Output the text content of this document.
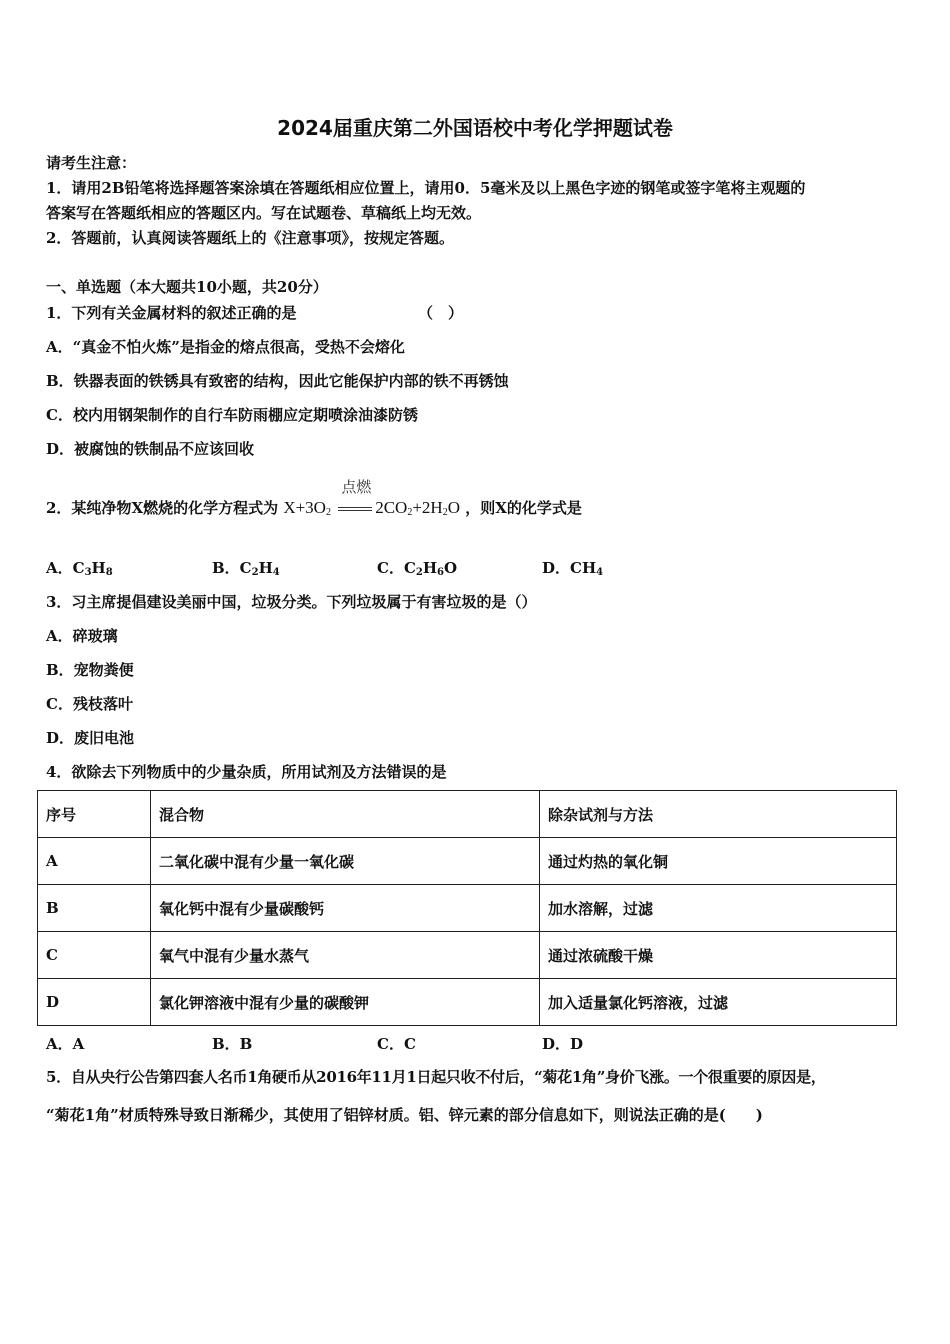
2024届重庆第二外国语校中考化学押题试卷
请考生注意：
1．请用2B铅笔将选择题答案涂填在答题纸相应位置上，请用0．5毫米及以上黑色字迹的钢笔或签字笔将主观题的
答案写在答题纸相应的答题区内。写在试题卷、草稿纸上均无效。
2．答题前，认真阅读答题纸上的《注意事项》，按规定答题。
一、单选题（本大题共10小题，共20分）
1．下列有关金属材料的叙述正确的是	（　）
A．“真金不怕火炼”是指金的熔点很高，受热不会熔化
B．铁器表面的铁锈具有致密的结构，因此它能保护内部的铁不再锈蚀
C．校内用钢架制作的自行车防雨棚应定期喷涂油漆防锈
D．被腐蚀的铁制品不应该回收
2．某纯净物X燃烧的化学方程式为 $X+3O_2$
点燃
$2CO_2+2H_2O$ ，则X的化学式是
A．$C_3H_8$	B．$C_2H_4$	C．$C_2H_6O$	D．$CH_4$
3．习主席提倡建设美丽中国，垃圾分类。下列垃圾属于有害垃圾的是（）
A．碎玻璃
B．宠物粪便
C．残枝落叶
D．废旧电池
4．欲除去下列物质中的少量杂质，所用试剂及方法错误的是
序号	混合物	除杂试剂与方法
A	二氧化碳中混有少量一氧化碳	通过灼热的氧化铜
B	氧化钙中混有少量碳酸钙	加水溶解，过滤
C	氧气中混有少量水蒸气	通过浓硫酸干燥
D	氯化钾溶液中混有少量的碳酸钾	加入适量氯化钙溶液，过滤
A．A	B．B	C．C	D．D
5．自从央行公告第四套人名币1角硬币从2016年11月1日起只收不付后，“菊花1角”身价飞涨。一个很重要的原因是，
“菊花1角”材质特殊导致日渐稀少，其使用了铝锌材质。铝、锌元素的部分信息如下，则说法正确的是(　　)
